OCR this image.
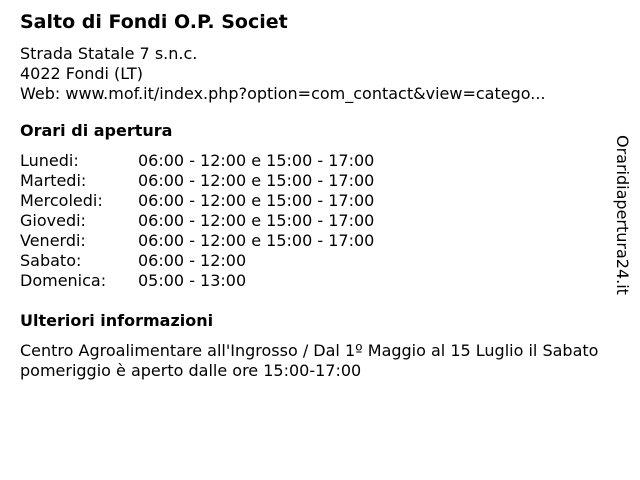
Salto di Fondi O.P. Societ
Strada Statale 7 s.n.c.
4022 Fondi (LT)
Web: www.mof.it/index.php?option=com_contact&view=catego...
Orari di apertura
Lunedi:	06:00 - 12:00 e 15:00 - 17:00
Martedi:	06:00 - 12:00 e 15:00 - 17:00
Mercoledi:	06:00 - 12:00 e 15:00 - 17:00
Giovedi:	06:00 - 12:00 e 15:00 - 17:00
Venerdi:	06:00 - 12:00 e 15:00 - 17:00
Sabato:	06:00 - 12:00
Domenica:	05:00 - 13:00
Ulteriori informazioni
Centro Agroalimentare all'Ingrosso / Dal 1º Maggio al 15 Luglio il Sabato pomeriggio è aperto dalle ore 15:00-17:00
Oraridiapertura24.it
